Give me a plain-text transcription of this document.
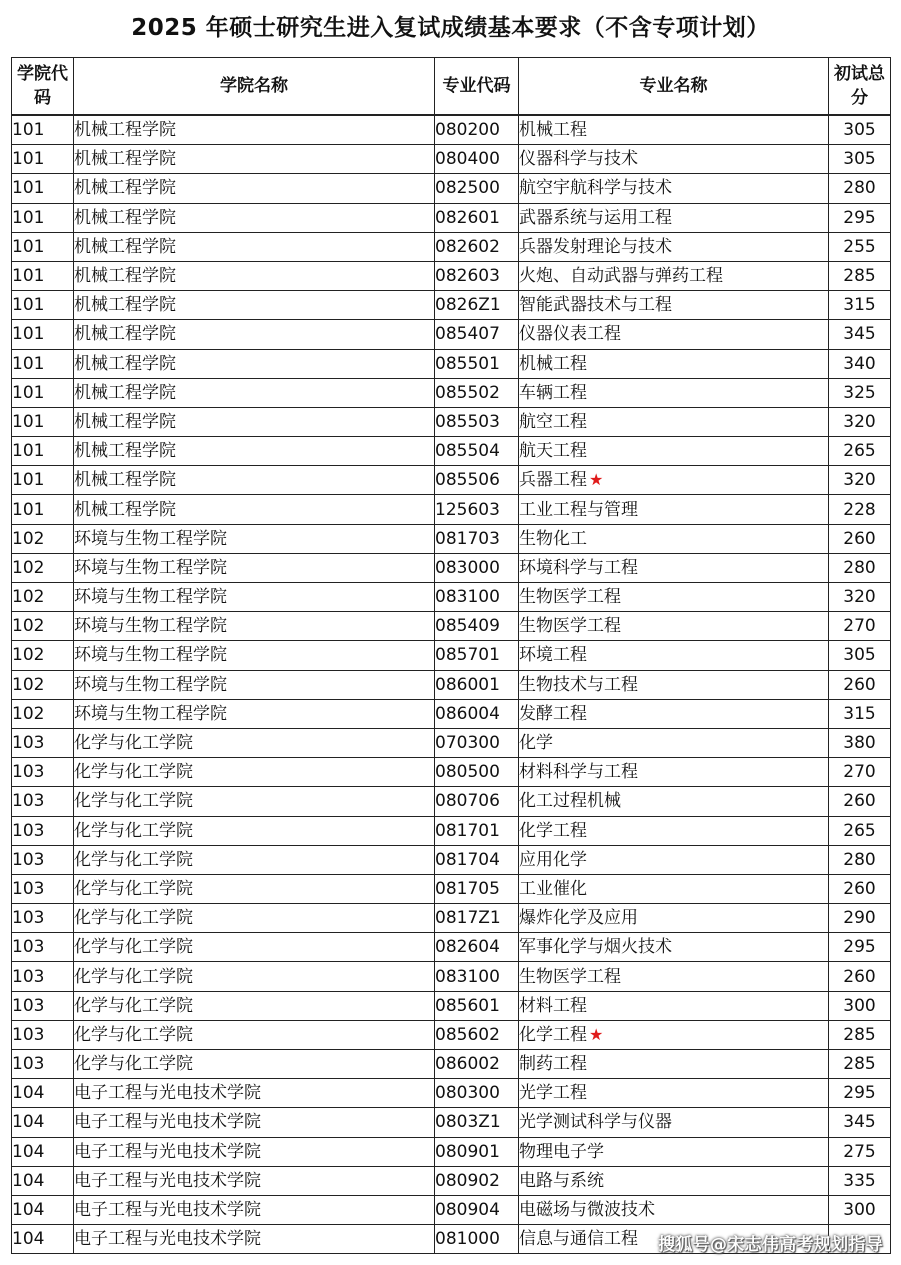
2025 年硕士研究生进入复试成绩基本要求（不含专项计划）
学院代码	学院名称	专业代码	专业名称	初试总分
101	机械工程学院	080200	机械工程	305
101	机械工程学院	080400	仪器科学与技术	305
101	机械工程学院	082500	航空宇航科学与技术	280
101	机械工程学院	082601	武器系统与运用工程	295
101	机械工程学院	082602	兵器发射理论与技术	255
101	机械工程学院	082603	火炮、自动武器与弹药工程	285
101	机械工程学院	0826Z1	智能武器技术与工程	315
101	机械工程学院	085407	仪器仪表工程	345
101	机械工程学院	085501	机械工程	340
101	机械工程学院	085502	车辆工程	325
101	机械工程学院	085503	航空工程	320
101	机械工程学院	085504	航天工程	265
101	机械工程学院	085506	兵器工程 ★	320
101	机械工程学院	125603	工业工程与管理	228
102	环境与生物工程学院	081703	生物化工	260
102	环境与生物工程学院	083000	环境科学与工程	280
102	环境与生物工程学院	083100	生物医学工程	320
102	环境与生物工程学院	085409	生物医学工程	270
102	环境与生物工程学院	085701	环境工程	305
102	环境与生物工程学院	086001	生物技术与工程	260
102	环境与生物工程学院	086004	发酵工程	315
103	化学与化工学院	070300	化学	380
103	化学与化工学院	080500	材料科学与工程	270
103	化学与化工学院	080706	化工过程机械	260
103	化学与化工学院	081701	化学工程	265
103	化学与化工学院	081704	应用化学	280
103	化学与化工学院	081705	工业催化	260
103	化学与化工学院	0817Z1	爆炸化学及应用	290
103	化学与化工学院	082604	军事化学与烟火技术	295
103	化学与化工学院	083100	生物医学工程	260
103	化学与化工学院	085601	材料工程	300
103	化学与化工学院	085602	化学工程 ★	285
103	化学与化工学院	086002	制药工程	285
104	电子工程与光电技术学院	080300	光学工程	295
104	电子工程与光电技术学院	0803Z1	光学测试科学与仪器	345
104	电子工程与光电技术学院	080901	物理电子学	275
104	电子工程与光电技术学院	080902	电路与系统	335
104	电子工程与光电技术学院	080904	电磁场与微波技术	300
104	电子工程与光电技术学院	081000	信息与通信工程	搜狐号@宋志伟高考规划指导
